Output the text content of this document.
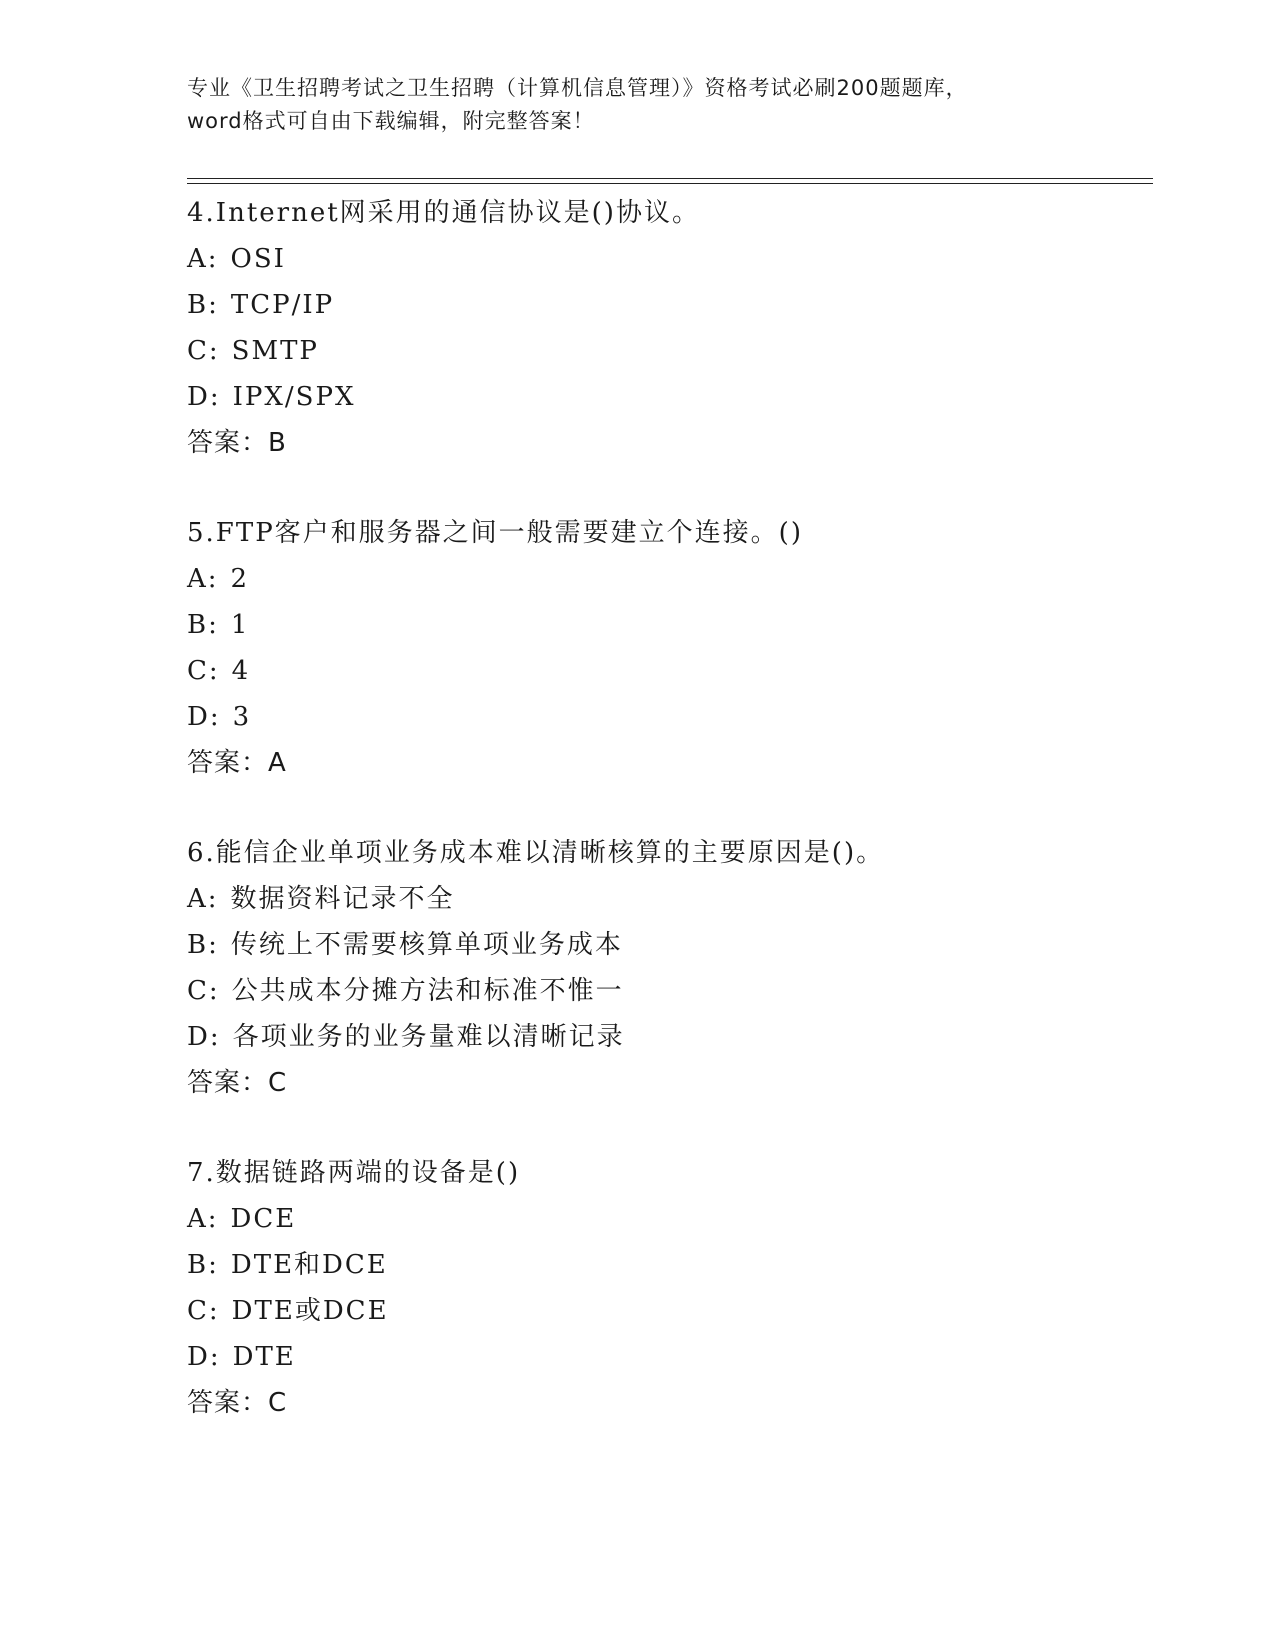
专业《卫生招聘考试之卫生招聘（计算机信息管理）》资格考试必刷200题题库，
word格式可自由下载编辑，附完整答案！
4.Internet网采用的通信协议是()协议。
A: OSI
B: TCP/IP
C: SMTP
D: IPX/SPX
答案：B
5.FTP客户和服务器之间一般需要建立个连接。()
A: 2
B: 1
C: 4
D: 3
答案：A
6.能信企业单项业务成本难以清晰核算的主要原因是()。
A: 数据资料记录不全
B: 传统上不需要核算单项业务成本
C: 公共成本分摊方法和标准不惟一
D: 各项业务的业务量难以清晰记录
答案：C
7.数据链路两端的设备是()
A: DCE
B: DTE和DCE
C: DTE或DCE
D: DTE
答案：C
